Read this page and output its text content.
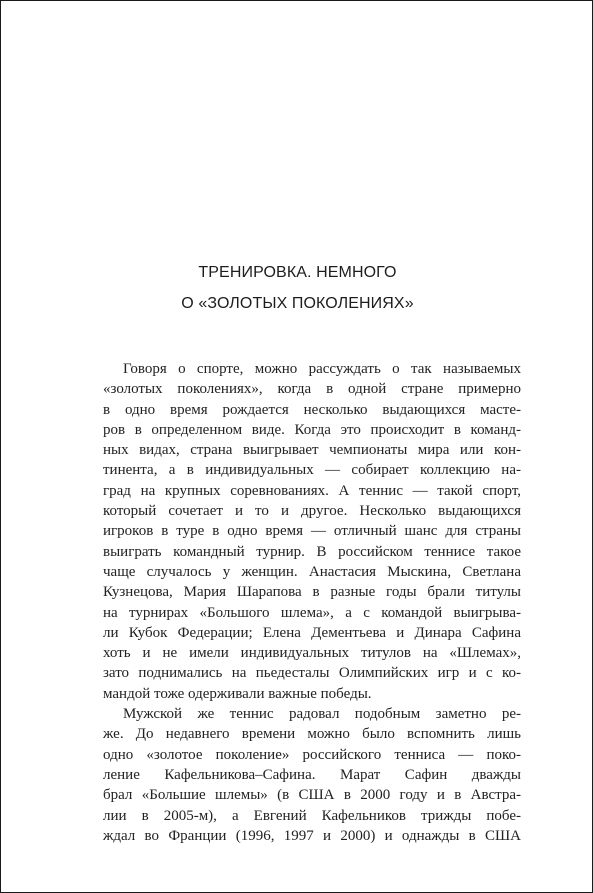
ТРЕНИРОВКА. НЕМНОГО
О «ЗОЛОТЫХ ПОКОЛЕНИЯХ»
Говоря о спорте, можно рассуждать о так называемых
«золотых поколениях», когда в одной стране примерно
в одно время рождается несколько выдающихся масте-
ров в определенном виде. Когда это происходит в команд-
ных видах, страна выигрывает чемпионаты мира или кон-
тинента, а в индивидуальных — собирает коллекцию на-
град на крупных соревнованиях. А теннис — такой спорт,
который сочетает и то и другое. Несколько выдающихся
игроков в туре в одно время — отличный шанс для страны
выиграть командный турнир. В российском теннисе такое
чаще случалось у женщин. Анастасия Мыскина, Светлана
Кузнецова, Мария Шарапова в разные годы брали титулы
на турнирах «Большого шлема», а с командой выигрыва-
ли Кубок Федерации; Елена Дементьева и Динара Сафина
хоть и не имели индивидуальных титулов на «Шлемах»,
зато поднимались на пьедесталы Олимпийских игр и с ко-
мандой тоже одерживали важные победы.
Мужской же теннис радовал подобным заметно ре-
же. До недавнего времени можно было вспомнить лишь
одно «золотое поколение» российского тенниса — поко-
ление Кафельникова–Сафина. Марат Сафин дважды
брал «Большие шлемы» (в США в 2000 году и в Австра-
лии в 2005-м), а Евгений Кафельников трижды побе-
ждал во Франции (1996, 1997 и 2000) и однажды в США
